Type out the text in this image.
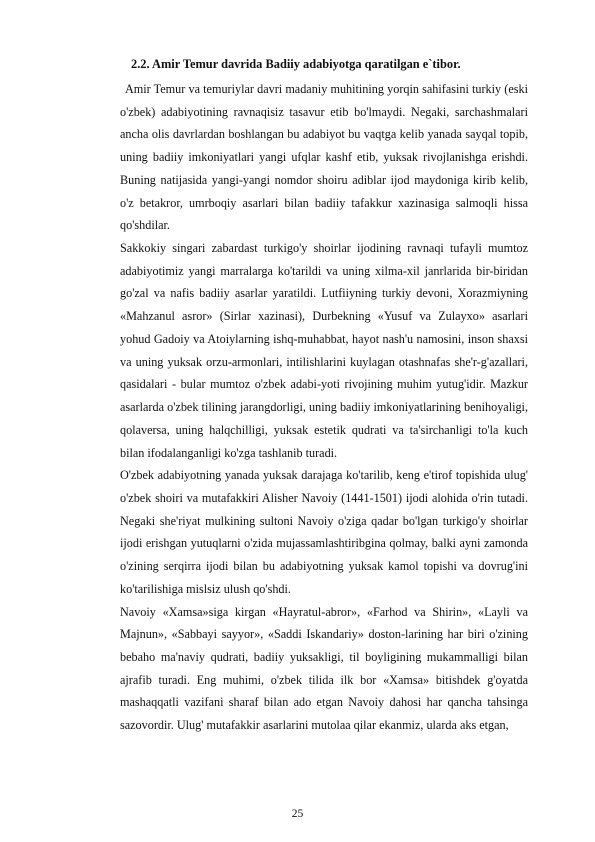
2.2. Amir Temur davrida Badiiy adabiyotga qaratilgan e`tibor.

Amir Temur va temuriylar davri madaniy muhitining yorqin sahifasini turkiy (eski o'zbek) adabiyotining ravnaqisiz tasavur etib bo'lmaydi. Negaki, sarchashmalari ancha olis davrlardan boshlangan bu adabiyot bu vaqtga kelib yanada sayqal topib, uning badiiy imkoniyatlari yangi ufqlar kashf etib, yuksak rivojlanishga erishdi. Buning natijasida yangi-yangi nomdor shoiru adiblar ijod maydoniga kirib kelib, o'z betakror, umrboqiy asarlari bilan badiiy tafakkur xazinasiga salmoqli hissa qo'shdilar.

Sakkokiy singari zabardast turkigo'y shoirlar ijodining ravnaqi tufayli mumtoz adabiyotimiz yangi marralarga ko'tarildi va uning xilma-xil janrlarida bir-biridan go'zal va nafis badiiy asarlar yaratildi. Lutfiiyning turkiy devoni, Xorazmiyning «Mahzanul asror» (Sirlar xazinasi), Durbekning «Yusuf va Zulayxo» asarlari yohud Gadoiy va Atoiylarning ishq-muhabbat, hayot nash'u namosini, inson shaxsi va uning yuksak orzu-armonlari, intilishlarini kuylagan otashnafas she'r-g'azallari, qasidalari - bular mumtoz o'zbek adabi-yoti rivojining muhim yutug'idir. Mazkur asarlarda o'zbek tilining jarangdorligi, uning badiiy imkoniyatlarining benihoyaligi, qolaversa, uning halqchilligi, yuksak estetik qudrati va ta'sirchanligi to'la kuch bilan ifodalanganligi ko'zga tashlanib turadi.

O'zbek adabiyotning yanada yuksak darajaga ko'tarilib, keng e'tirof topishida ulug' o'zbek shoiri va mutafakkiri Alisher Navoiy (1441-1501) ijodi alohida o'rin tutadi. Negaki she'riyat mulkining sultoni Navoiy o'ziga qadar bo'lgan turkigo'y shoirlar ijodi erishgan yutuqlarni o'zida mujassamlashtiribgina qolmay, balki ayni zamonda o'zining serqirra ijodi bilan bu adabiyotning yuksak kamol topishi va dovrug'ini ko'tarilishiga mislsiz ulush qo'shdi.

Navoiy «Xamsa»siga kirgan «Hayratul-abror», «Farhod va Shirin», «Layli va Majnun», «Sabbayi sayyor», «Saddi Iskandariy» doston-larining har biri o'zining bebaho ma'naviy qudrati, badiiy yuksakligi, til boyligining mukammalligi bilan ajrafib turadi. Eng muhimi, o'zbek tilida ilk bor «Xamsa» bitishdek g'oyatda mashaqqatli vazifani sharaf bilan ado etgan Navoiy dahosi har qancha tahsinga sazovordir. Ulug' mutafakkir asarlarini mutolaa qilar ekanmiz, ularda aks etgan,

25
